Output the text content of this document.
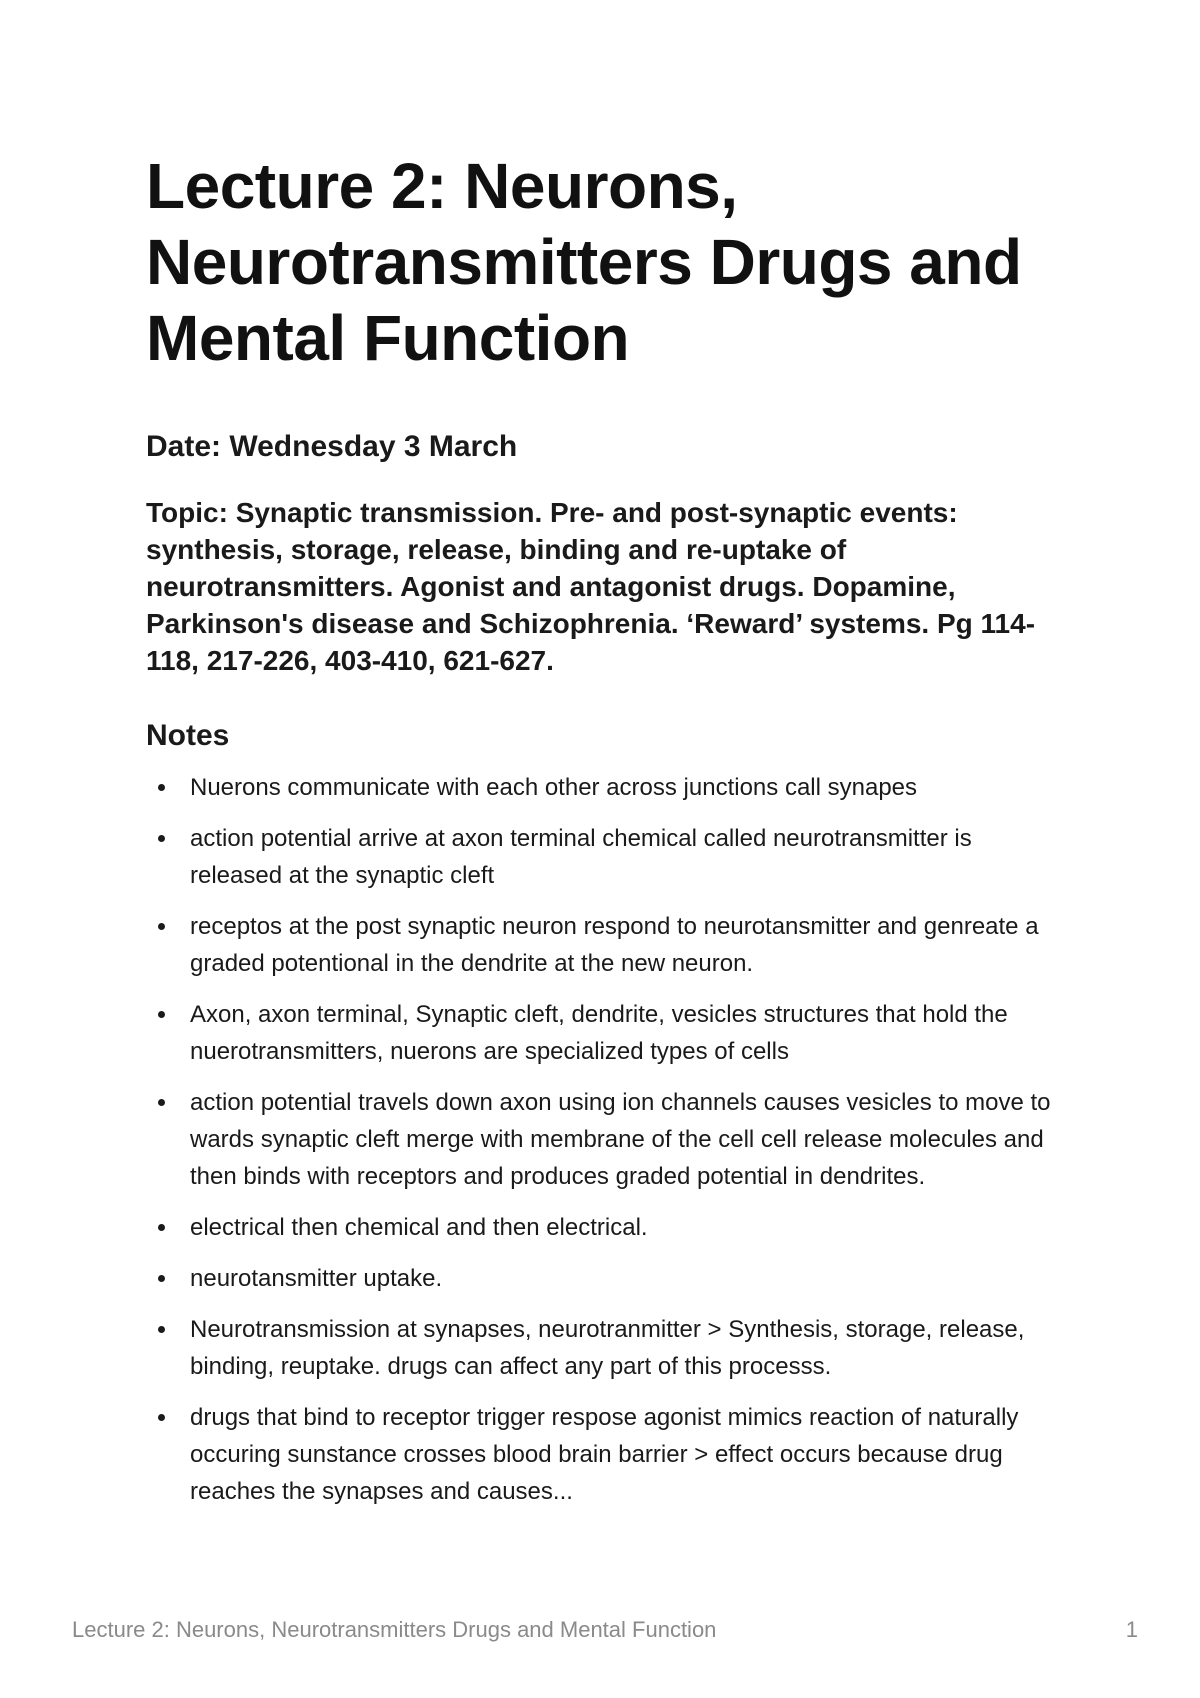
Lecture 2: Neurons, Neurotransmitters Drugs and Mental Function
Date: Wednesday 3 March
Topic: Synaptic transmission. Pre- and post-synaptic events: synthesis, storage, release, binding and re-uptake of neurotransmitters. Agonist and antagonist drugs. Dopamine, Parkinson's disease and Schizophrenia. ‘Reward’ systems. Pg 114-118, 217-226, 403-410, 621-627.
Notes
Nuerons communicate with each other across junctions call synapes
action potential arrive at axon terminal chemical called neurotransmitter is released at the synaptic cleft
receptos at the post synaptic neuron respond to neurotansmitter and genreate a graded potentional in the dendrite at the new neuron.
Axon, axon terminal, Synaptic cleft, dendrite, vesicles structures that hold the nuerotransmitters, nuerons are specialized types of cells
action potential travels down axon using ion channels causes vesicles to move to wards synaptic cleft merge with membrane of the cell cell release molecules and then binds with receptors and produces graded potential in dendrites.
electrical then chemical and then electrical.
neurotansmitter uptake.
Neurotransmission at synapses, neurotranmitter > Synthesis, storage, release, binding, reuptake. drugs can affect any part of this processs.
drugs that bind to receptor trigger respose agonist mimics reaction of naturally occuring sunstance crosses blood brain barrier > effect occurs because drug reaches the synapses and causes...
Lecture 2: Neurons, Neurotransmitters Drugs and Mental Function	1
